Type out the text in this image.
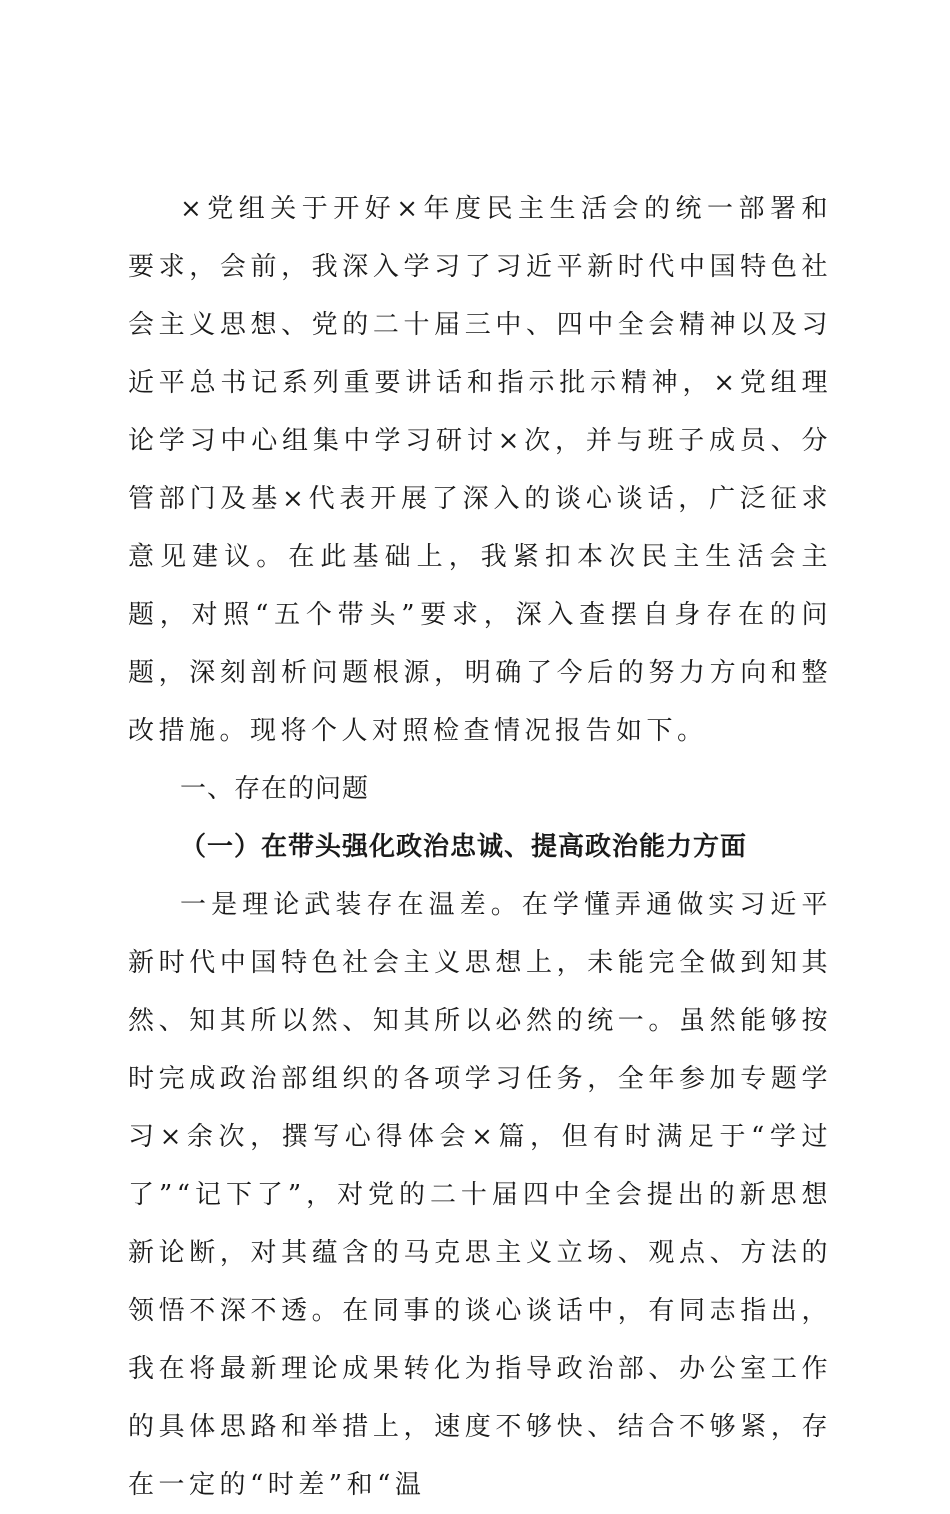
×党组关于开好×年度民主生活会的统一部署和要求，会前，我深入学习了习近平新时代中国特色社会主义思想、党的二十届三中、四中全会精神以及习近平总书记系列重要讲话和指示批示精神，×党组理论学习中心组集中学习研讨×次，并与班子成员、分管部门及基×代表开展了深入的谈心谈话，广泛征求意见建议。在此基础上，我紧扣本次民主生活会主题，对照“五个带头”要求，深入查摆自身存在的问题，深刻剖析问题根源，明确了今后的努力方向和整改措施。现将个人对照检查情况报告如下。

一、存在的问题

（一）在带头强化政治忠诚、提高政治能力方面

一是理论武装存在温差。在学懂弄通做实习近平新时代中国特色社会主义思想上，未能完全做到知其然、知其所以然、知其所以必然的统一。虽然能够按时完成政治部组织的各项学习任务，全年参加专题学习×余次，撰写心得体会×篇，但有时满足于“学过了”“记下了”，对党的二十届四中全会提出的新思想新论断，对其蕴含的马克思主义立场、观点、方法的领悟不深不透。在同事的谈心谈话中，有同志指出，我在将最新理论成果转化为指导政治部、办公室工作的具体思路和举措上，速度不够快、结合不够紧，存在一定的“时差”和“温
